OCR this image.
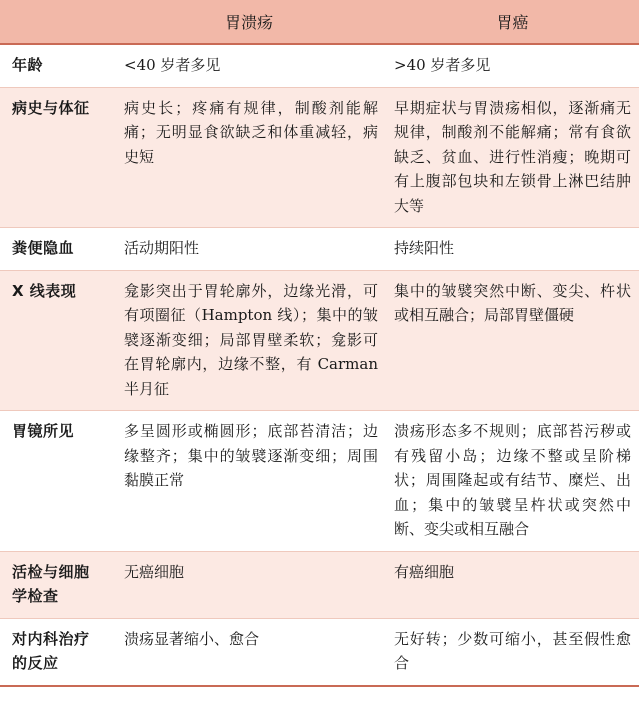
	胃溃疡	胃癌
年龄	<40 岁者多见	>40 岁者多见
病史与体征	病史长；疼痛有规律，制酸剂能解痛；无明显食欲缺乏和体重减轻，病史短	早期症状与胃溃疡相似，逐渐痛无规律，制酸剂不能解痛；常有食欲缺乏、贫血、进行性消瘦；晚期可有上腹部包块和左锁骨上淋巴结肿大等
粪便隐血	活动期阳性	持续阳性
X 线表现	龛影突出于胃轮廓外，边缘光滑，可有项圈征（Hampton 线）；集中的皱襞逐渐变细；局部胃壁柔软；龛影可在胃轮廓内，边缘不整，有 Carman 半月征	集中的皱襞突然中断、变尖、杵状或相互融合；局部胃壁僵硬
胃镜所见	多呈圆形或椭圆形；底部苔清洁；边缘整齐；集中的皱襞逐渐变细；周围黏膜正常	溃疡形态多不规则；底部苔污秽或有残留小岛；边缘不整或呈阶梯状；周围隆起或有结节、糜烂、出血；集中的皱襞呈杵状或突然中断、变尖或相互融合
活检与细胞学检查	无癌细胞	有癌细胞
对内科治疗的反应	溃疡显著缩小、愈合	无好转；少数可缩小，甚至假性愈合
